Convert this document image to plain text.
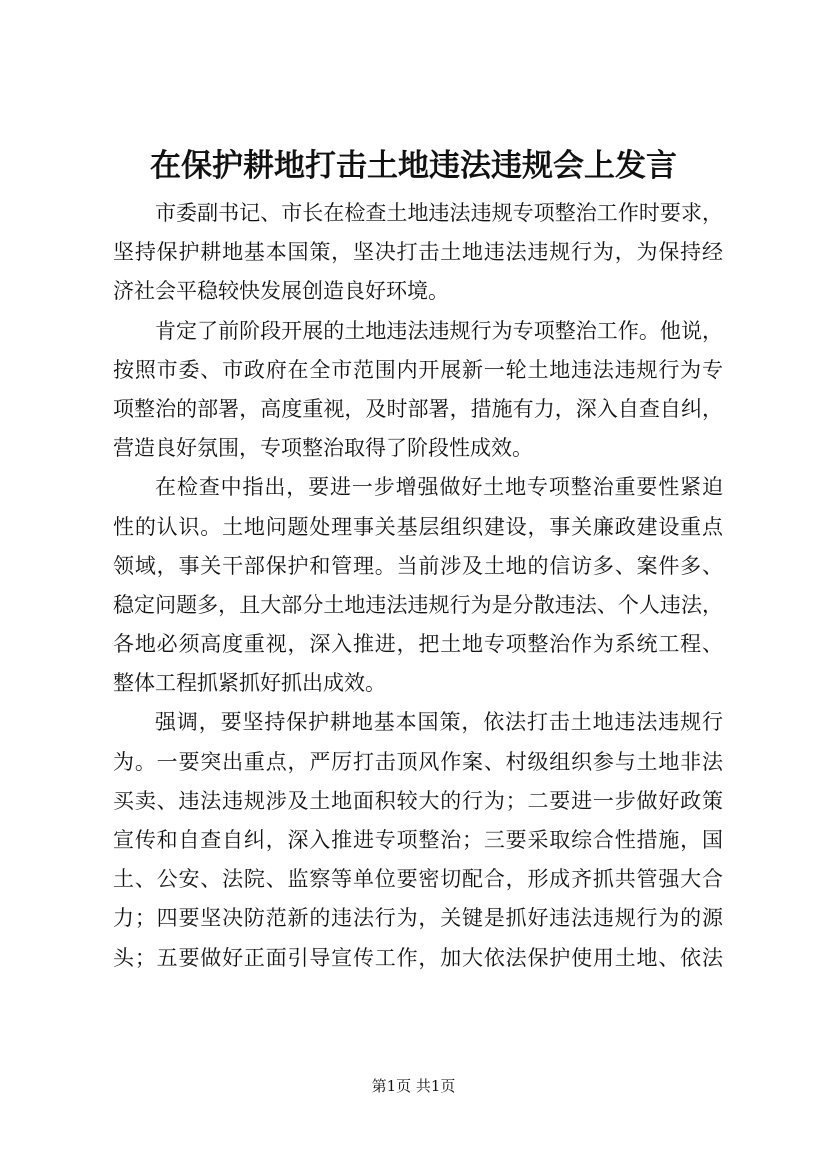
在保护耕地打击土地违法违规会上发言
市委副书记、市长在检查土地违法违规专项整治工作时要求，
坚持保护耕地基本国策，坚决打击土地违法违规行为，为保持经
济社会平稳较快发展创造良好环境。
肯定了前阶段开展的土地违法违规行为专项整治工作。他说，
按照市委、市政府在全市范围内开展新一轮土地违法违规行为专
项整治的部署，高度重视，及时部署，措施有力，深入自查自纠，
营造良好氛围，专项整治取得了阶段性成效。
在检查中指出，要进一步增强做好土地专项整治重要性紧迫
性的认识。土地问题处理事关基层组织建设，事关廉政建设重点
领域，事关干部保护和管理。当前涉及土地的信访多、案件多、
稳定问题多，且大部分土地违法违规行为是分散违法、个人违法，
各地必须高度重视，深入推进，把土地专项整治作为系统工程、
整体工程抓紧抓好抓出成效。
强调，要坚持保护耕地基本国策，依法打击土地违法违规行
为。一要突出重点，严厉打击顶风作案、村级组织参与土地非法
买卖、违法违规涉及土地面积较大的行为；二要进一步做好政策
宣传和自查自纠，深入推进专项整治；三要采取综合性措施，国
土、公安、法院、监察等单位要密切配合，形成齐抓共管强大合
力；四要坚决防范新的违法行为，关键是抓好违法违规行为的源
头；五要做好正面引导宣传工作，加大依法保护使用土地、依法
第1页 共1页
